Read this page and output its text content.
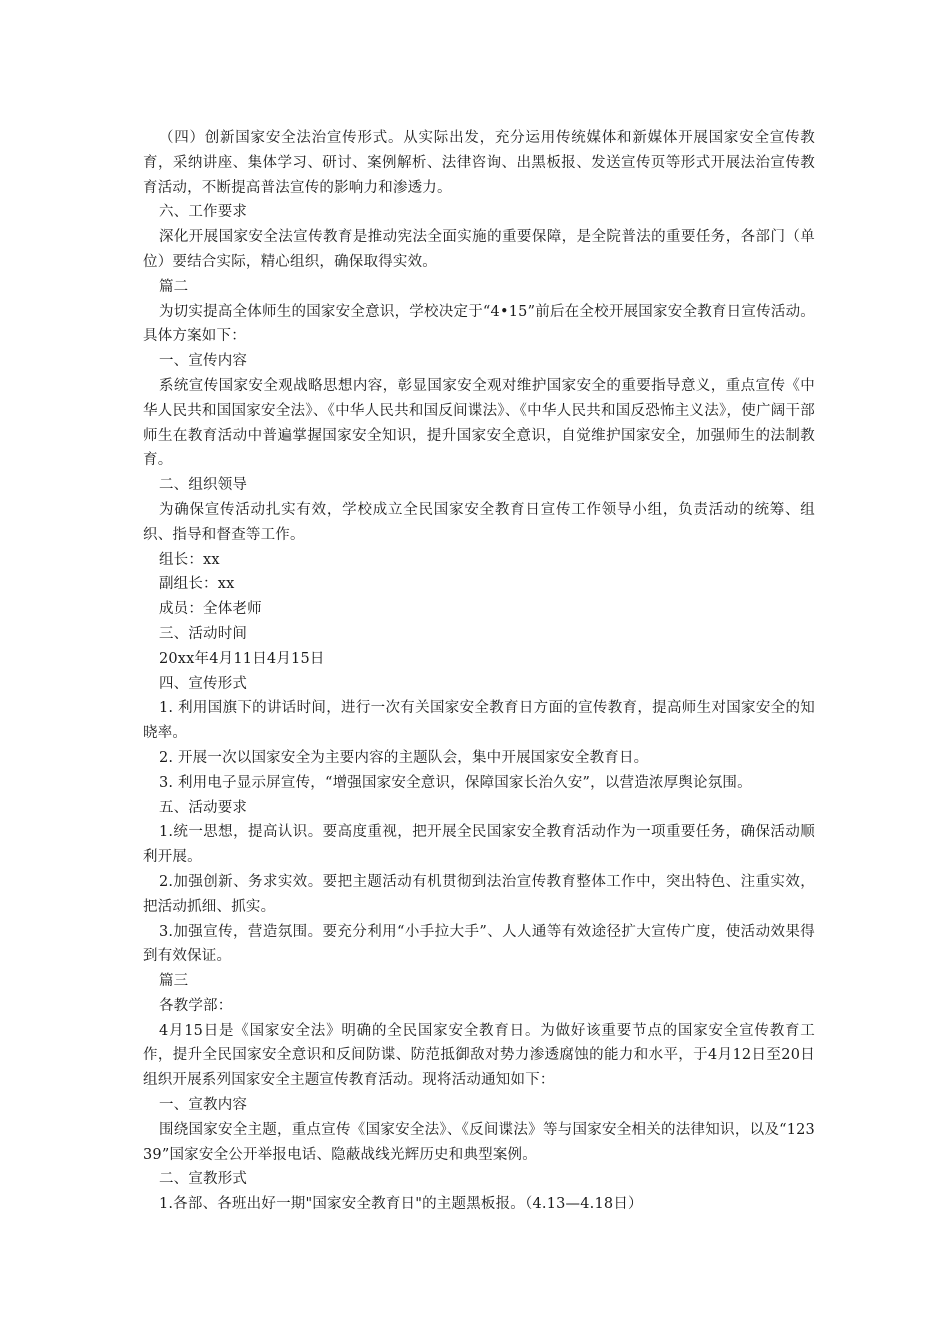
（四）创新国家安全法治宣传形式。从实际出发，充分运用传统媒体和新媒体开展国家安全宣传教育，采纳讲座、集体学习、研讨、案例解析、法律咨询、出黑板报、发送宣传页等形式开展法治宣传教育活动，不断提高普法宣传的影响力和渗透力。

六、工作要求

深化开展国家安全法宣传教育是推动宪法全面实施的重要保障，是全院普法的重要任务，各部门（单位）要结合实际，精心组织，确保取得实效。

篇二

为切实提高全体师生的国家安全意识，学校决定于“4•15”前后在全校开展国家安全教育日宣传活动。具体方案如下：

一、宣传内容

系统宣传国家安全观战略思想内容，彰显国家安全观对维护国家安全的重要指导意义，重点宣传《中华人民共和国国家安全法》、《中华人民共和国反间谍法》、《中华人民共和国反恐怖主义法》，使广阔干部师生在教育活动中普遍掌握国家安全知识，提升国家安全意识，自觉维护国家安全，加强师生的法制教育。

二、组织领导

为确保宣传活动扎实有效，学校成立全民国家安全教育日宣传工作领导小组，负责活动的统筹、组织、指导和督查等工作。

组长：xx

副组长：xx

成员：全体老师

三、活动时间

20xx年4月11日4月15日

四、宣传形式

1. 利用国旗下的讲话时间，进行一次有关国家安全教育日方面的宣传教育，提高师生对国家安全的知晓率。

2. 开展一次以国家安全为主要内容的主题队会，集中开展国家安全教育日。

3. 利用电子显示屏宣传，“增强国家安全意识，保障国家长治久安”，以营造浓厚舆论氛围。

五、活动要求

1.统一思想，提高认识。要高度重视，把开展全民国家安全教育活动作为一项重要任务，确保活动顺利开展。

2.加强创新、务求实效。要把主题活动有机贯彻到法治宣传教育整体工作中，突出特色、注重实效，把活动抓细、抓实。

3.加强宣传，营造氛围。要充分利用“小手拉大手”、人人通等有效途径扩大宣传广度，使活动效果得到有效保证。

篇三

各教学部：

4月15日是《国家安全法》明确的全民国家安全教育日。为做好该重要节点的国家安全宣传教育工作，提升全民国家安全意识和反间防谍、防范抵御敌对势力渗透腐蚀的能力和水平，于4月12日至20日组织开展系列国家安全主题宣传教育活动。现将活动通知如下：

一、宣教内容

围绕国家安全主题，重点宣传《国家安全法》、《反间谍法》等与国家安全相关的法律知识，以及“12339”国家安全公开举报电话、隐蔽战线光辉历史和典型案例。

二、宣教形式

1.各部、各班出好一期"国家安全教育日"的主题黑板报。（4.13—4.18日）
